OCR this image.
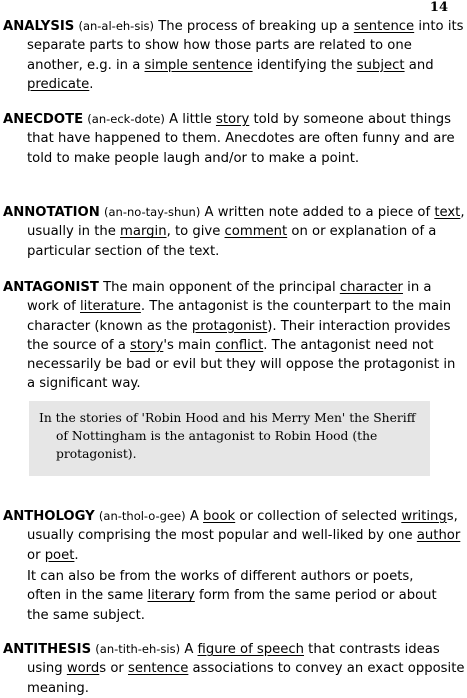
14
ANALYSIS (an-al-eh-sis) The process of breaking up a sentence into its separate parts to show how those parts are related to one another, e.g. in a simple sentence identifying the subject and predicate.
ANECDOTE (an-eck-dote) A little story told by someone about things that have happened to them. Anecdotes are often funny and are told to make people laugh and/or to make a point.
ANNOTATION (an-no-tay-shun) A written note added to a piece of text, usually in the margin, to give comment on or explanation of a particular section of the text.
ANTAGONIST The main opponent of the principal character in a work of literature. The antagonist is the counterpart to the main character (known as the protagonist). Their interaction provides the source of a story's main conflict. The antagonist need not necessarily be bad or evil but they will oppose the protagonist in a significant way.
In the stories of 'Robin Hood and his Merry Men' the Sheriff of Nottingham is the antagonist to Robin Hood (the protagonist).
ANTHOLOGY (an-thol-o-gee) A book or collection of selected writings, usually comprising the most popular and well-liked by one author or poet.
It can also be from the works of different authors or poets, often in the same literary form from the same period or about the same subject.
ANTITHESIS (an-tith-eh-sis) A figure of speech that contrasts ideas using words or sentence associations to convey an exact opposite meaning.
